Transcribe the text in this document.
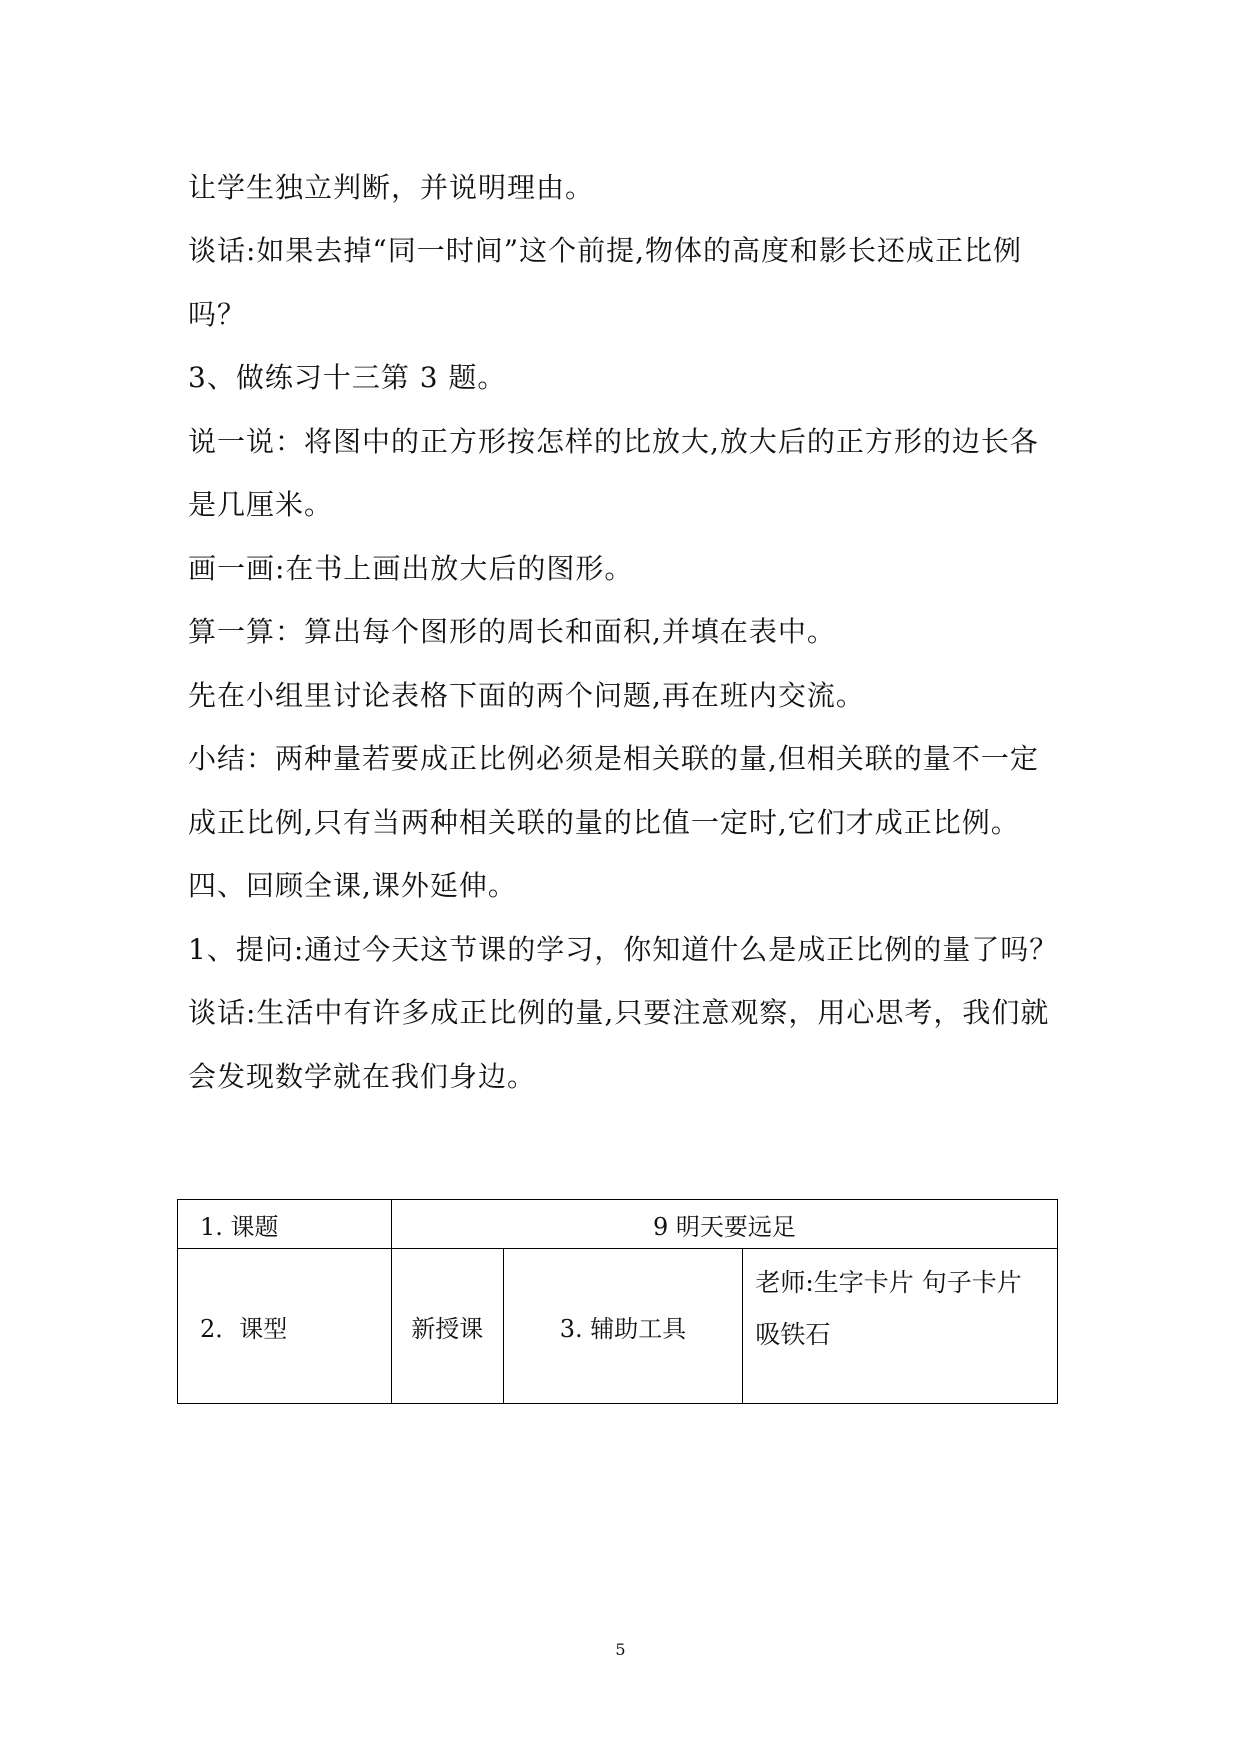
让学生独立判断，并说明理由。
谈话:如果去掉“同一时间”这个前提,物体的高度和影长还成正比例
吗？
3、做练习十三第 3 题。
说一说：将图中的正方形按怎样的比放大,放大后的正方形的边长各
是几厘米。
画一画:在书上画出放大后的图形。
算一算：算出每个图形的周长和面积,并填在表中。
先在小组里讨论表格下面的两个问题,再在班内交流。
小结：两种量若要成正比例必须是相关联的量,但相关联的量不一定
成正比例,只有当两种相关联的量的比值一定时,它们才成正比例。
四、回顾全课,课外延伸。
1、提问:通过今天这节课的学习，你知道什么是成正比例的量了吗？
谈话:生活中有许多成正比例的量,只要注意观察，用心思考，我们就
会发现数学就在我们身边。
1. 课题	9 明天要远足		
2．课型	新授课	3. 辅助工具	老师:生字卡片 句子卡片
吸铁石
5
